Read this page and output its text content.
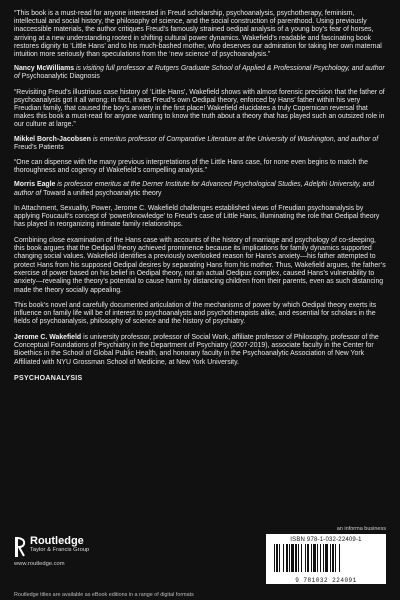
“This book is a must-read for anyone interested in Freud scholarship, psychoanalysis, psychotherapy, feminism, intellectual and social history, the philosophy of science, and the social construction of parenthood. Using previously inaccessible materials, the author critiques Freud’s famously strained oedipal analysis of a young boy’s fear of horses, arriving at a new understanding rooted in shifting cultural power dynamics. Wakefield’s readable and fascinating book restores dignity to ‘Little Hans’ and to his much-bashed mother, who deserves our admiration for taking her own maternal intuition more seriously than speculations from the ‘new science’ of psychoanalysis.”

Nancy McWilliams is visiting full professor at Rutgers Graduate School of Applied & Professional Psychology, and author of Psychoanalytic Diagnosis

“Revisiting Freud’s illustrious case history of ‘Little Hans’, Wakefield shows with almost forensic precision that the father of psychoanalysis got it all wrong: in fact, it was Freud’s own Oedipal theory, enforced by Hans’ father within his very Freudian family, that caused the boy’s anxiety in the first place! Wakefield elucidates a truly Copernican reversal that makes this book a must-read for anyone wanting to know the truth about a theory that has played such an outsized role in our culture at large.”

Mikkel Borch-Jacobsen is emeritus professor of Comparative Literature at the University of Washington, and author of Freud’s Patients

“One can dispense with the many previous interpretations of the Little Hans case, for none even begins to match the thoroughness and cogency of Wakefield’s compelling analysis.”

Morris Eagle is professor emeritus at the Derner Institute for Advanced Psychological Studies, Adelphi University, and author of Toward a unified psychoanalytic theory

In Attachment, Sexuality, Power, Jerome C. Wakefield challenges established views of Freudian psychoanalysis by applying Foucault’s concept of ‘power/knowledge’ to Freud’s case of Little Hans, illuminating the role that Oedipal theory has played in reorganizing intimate family relationships.

Combining close examination of the Hans case with accounts of the history of marriage and psychology of co-sleeping, this book argues that the Oedipal theory achieved prominence because its implications for family dynamics supported changing social values. Wakefield identifies a previously overlooked reason for Hans’s anxiety—his father attempted to protect Hans from his supposed Oedipal desires by separating Hans from his mother. Thus, Wakefield argues, the father’s exercise of power based on his belief in Oedipal theory, not an actual Oedipus complex, caused Hans’s vulnerability to anxiety—revealing the theory’s potential to cause harm by distancing children from their parents, even as such distancing made the theory socially appealing.

This book’s novel and carefully documented articulation of the mechanisms of power by which Oedipal theory exerts its influence on family life will be of interest to psychoanalysts and psychotherapists alike, and essential for scholars in the fields of psychoanalysis, philosophy of science and the history of psychiatry.

Jerome C. Wakefield is university professor, professor of Social Work, affiliate professor of Philosophy, professor of the Conceptual Foundations of Psychiatry in the Department of Psychiatry (2007-2019), associate faculty in the Center for Bioethics in the School of Global Public Health, and honorary faculty in the Psychoanalytic Association of New York Affiliated with NYU Grossman School of Medicine, at New York University.

PSYCHOANALYSIS
Routledge
Taylor & Francis Group
www.routledge.com
an informa business
ISBN 978-1-032-22409-1
9 781032 224091
Routledge titles are available as eBook editions in a range of digital formats
